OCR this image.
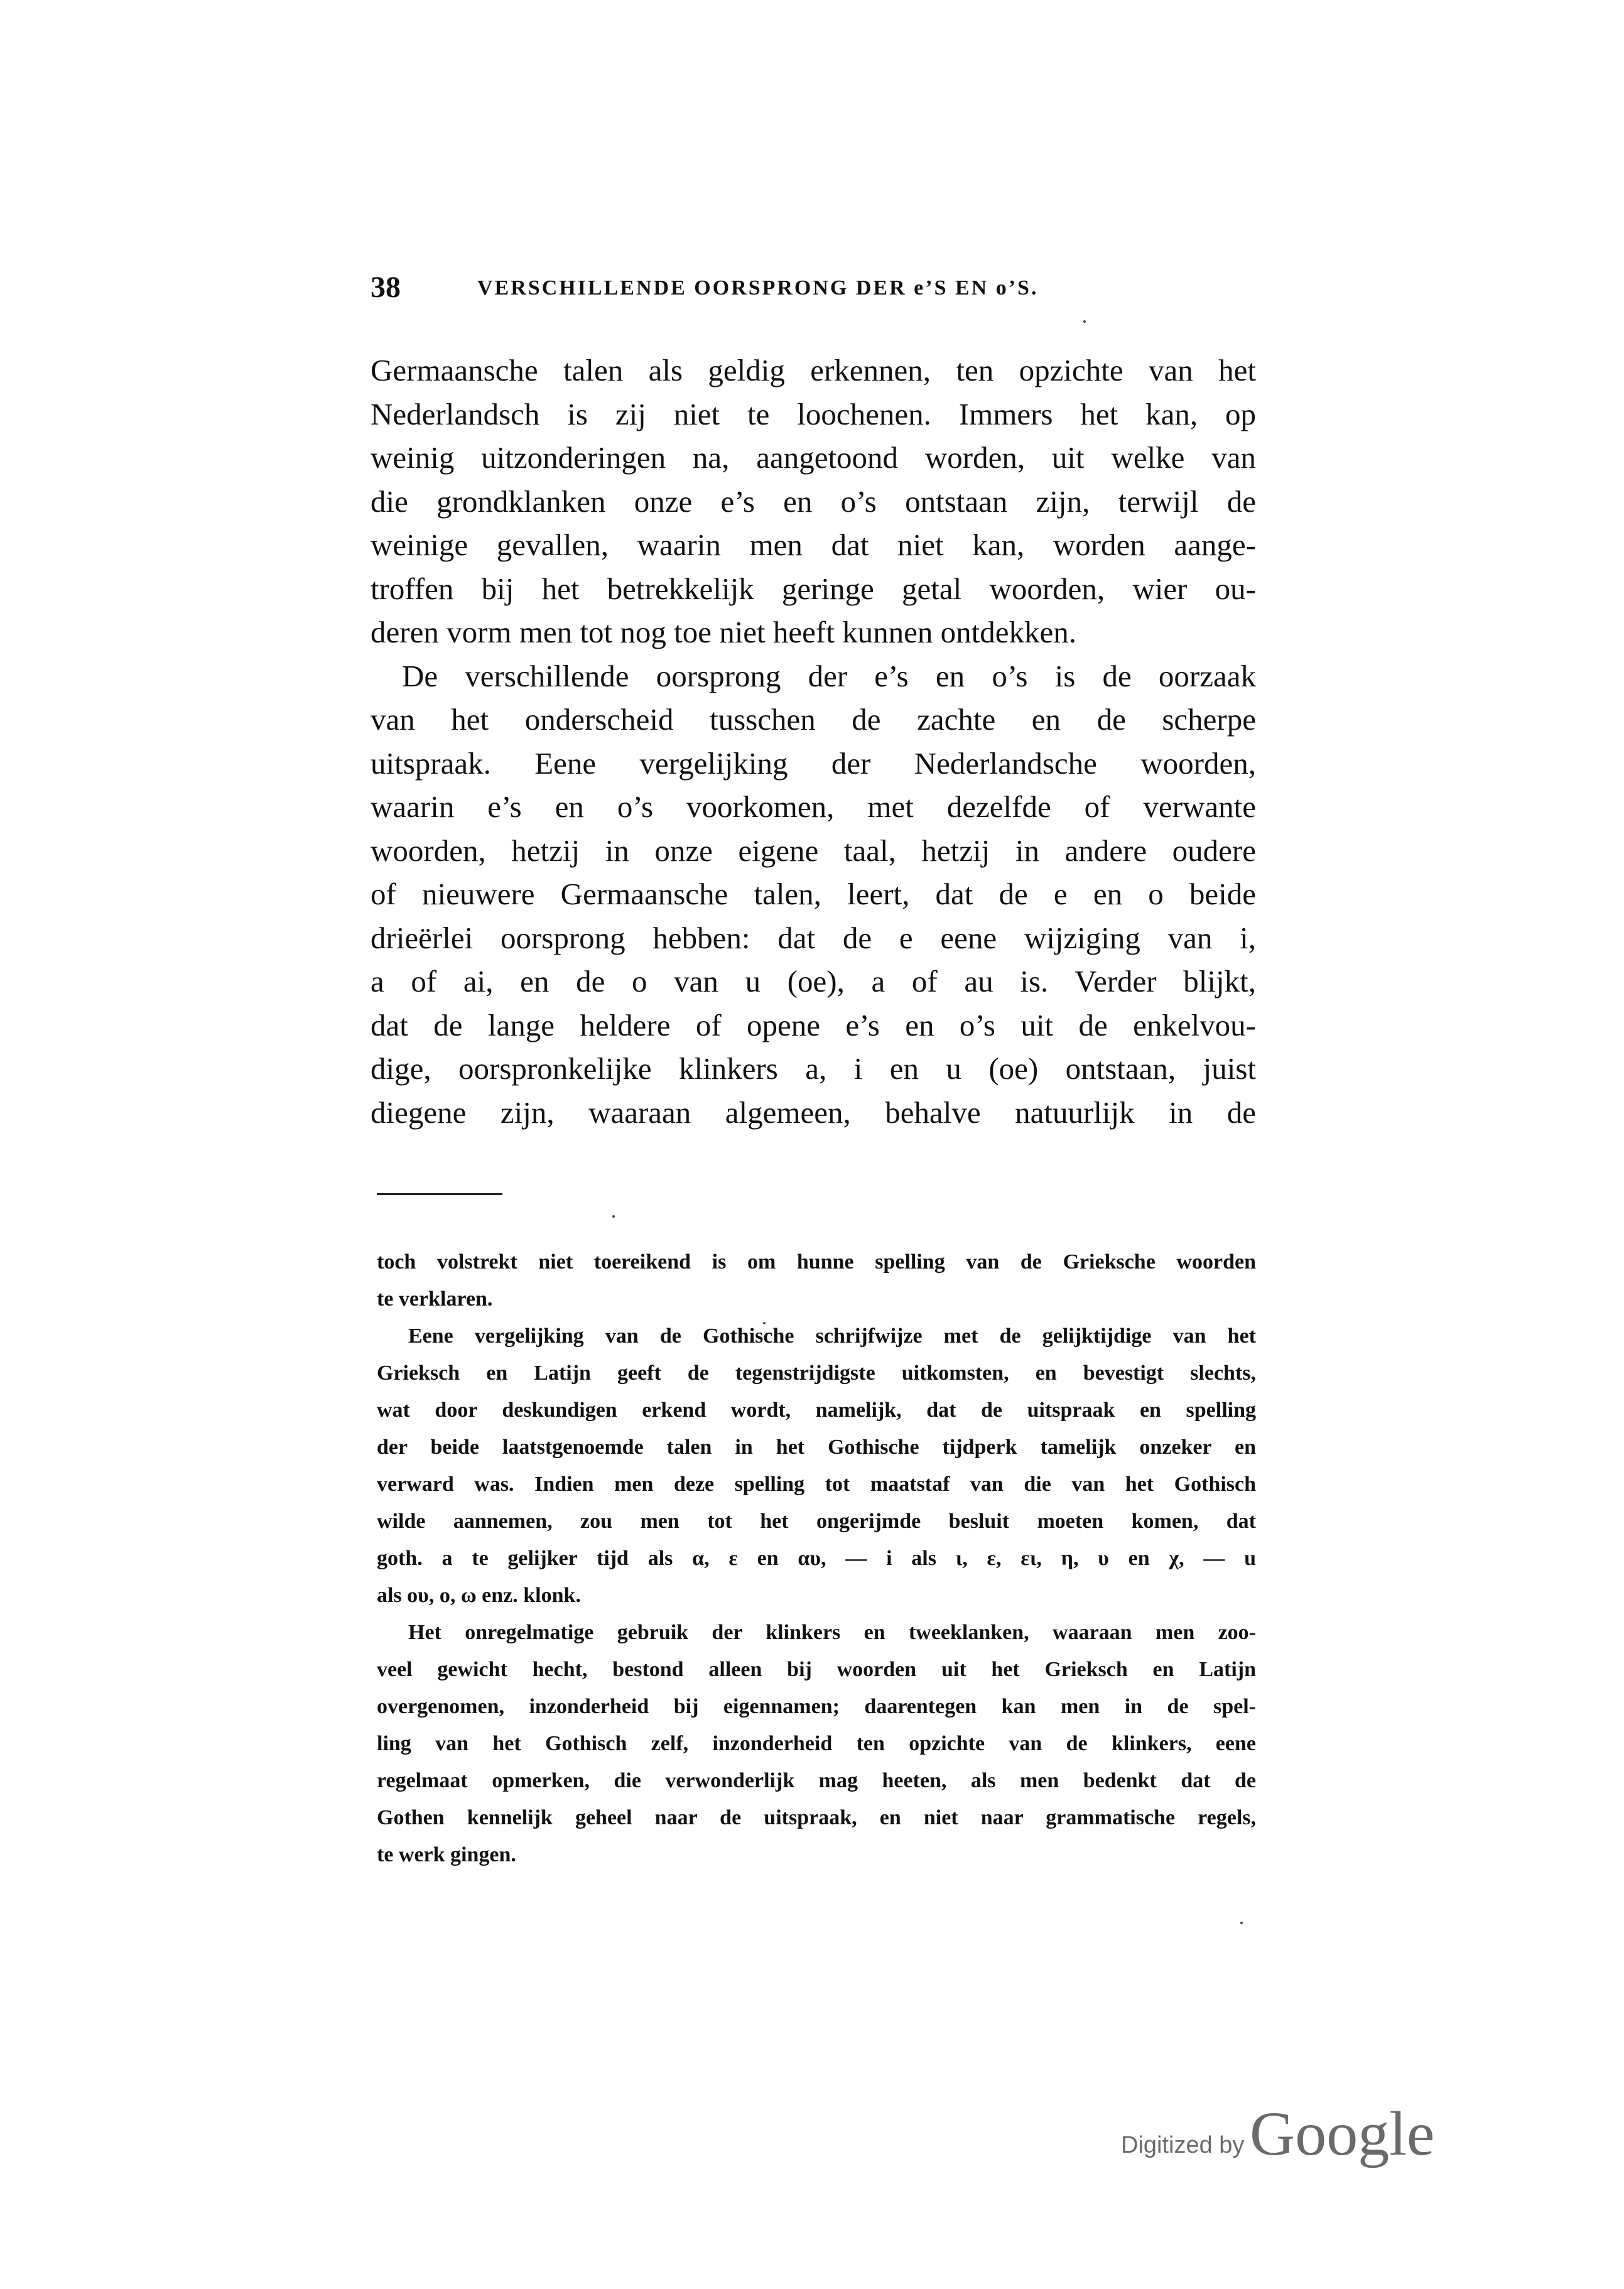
38	VERSCHILLENDE OORSPRONG DER e’S EN o’S.
Germaansche talen als geldig erkennen, ten opzichte van het
Nederlandsch is zij niet te loochenen. Immers het kan, op
weinig uitzonderingen na, aangetoond worden, uit welke van
die grondklanken onze e’s en o’s ontstaan zijn, terwijl de
weinige gevallen, waarin men dat niet kan, worden aange-
troffen bij het betrekkelijk geringe getal woorden, wier ou-
deren vorm men tot nog toe niet heeft kunnen ontdekken.
De verschillende oorsprong der e’s en o’s is de oorzaak
van het onderscheid tusschen de zachte en de scherpe
uitspraak. Eene vergelijking der Nederlandsche woorden,
waarin e’s en o’s voorkomen, met dezelfde of verwante
woorden, hetzij in onze eigene taal, hetzij in andere oudere
of nieuwere Germaansche talen, leert, dat de e en o beide
drieërlei oorsprong hebben: dat de e eene wijziging van i,
a of ai, en de o van u (oe), a of au is. Verder blijkt,
dat de lange heldere of opene e’s en o’s uit de enkelvou-
dige, oorspronkelijke klinkers a, i en u (oe) ontstaan, juist
diegene zijn, waaraan algemeen, behalve natuurlijk in de
toch volstrekt niet toereikend is om hunne spelling van de Grieksche woorden
te verklaren.
Eene vergelijking van de Gothische schrijfwijze met de gelijktijdige van het
Grieksch en Latijn geeft de tegenstrijdigste uitkomsten, en bevestigt slechts,
wat door deskundigen erkend wordt, namelijk, dat de uitspraak en spelling
der beide laatstgenoemde talen in het Gothische tijdperk tamelijk onzeker en
verward was. Indien men deze spelling tot maatstaf van die van het Gothisch
wilde aannemen, zou men tot het ongerijmde besluit moeten komen, dat
goth. a te gelijker tijd als α, ε en αυ, — i als ι, ε, ει, η, υ en χ, — u
als ου, ο, ω enz. klonk.
Het onregelmatige gebruik der klinkers en tweeklanken, waaraan men zoo-
veel gewicht hecht, bestond alleen bij woorden uit het Grieksch en Latijn
overgenomen, inzonderheid bij eigennamen; daarentegen kan men in de spel-
ling van het Gothisch zelf, inzonderheid ten opzichte van de klinkers, eene
regelmaat opmerken, die verwonderlijk mag heeten, als men bedenkt dat de
Gothen kennelijk geheel naar de uitspraak, en niet naar grammatische regels,
te werk gingen.
Digitized by Google
